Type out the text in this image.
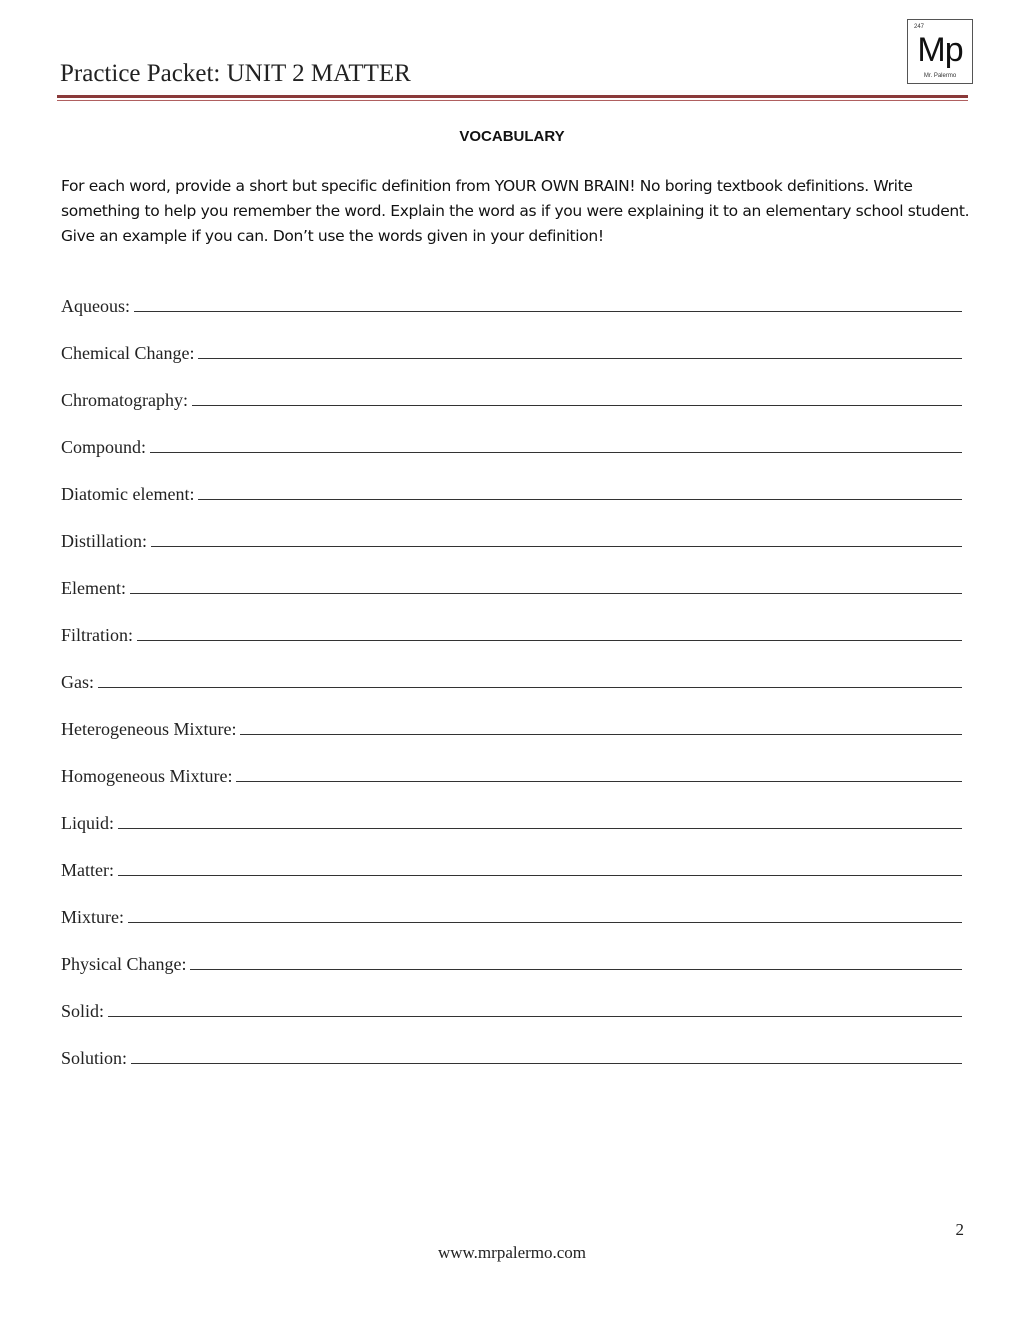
Practice Packet: UNIT 2 MATTER
247
Mp
Mr. Palermo
VOCABULARY
For each word, provide a short but specific definition from YOUR OWN BRAIN! No boring textbook definitions. Write something to help you remember the word. Explain the word as if you were explaining it to an elementary school student. Give an example if you can. Don’t use the words given in your definition!
Aqueous:
Chemical Change:
Chromatography:
Compound:
Diatomic element:
Distillation:
Element:
Filtration:
Gas:
Heterogeneous Mixture:
Homogeneous Mixture:
Liquid:
Matter:
Mixture:
Physical Change:
Solid:
Solution:
2
www.mrpalermo.com
